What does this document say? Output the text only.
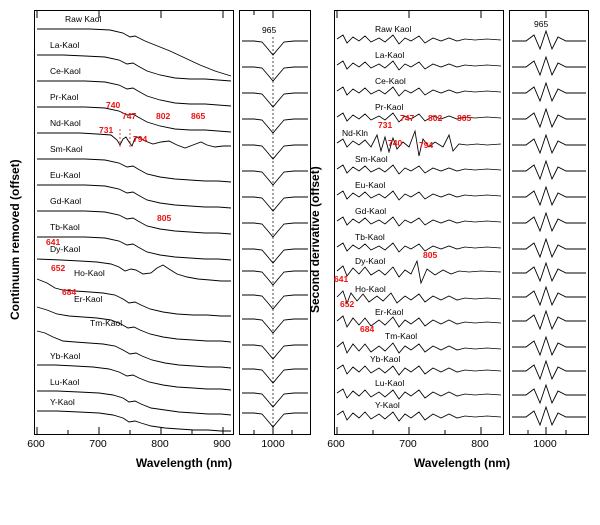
Continuum removed (offset)
Raw Kaol
La-Kaol
Ce-Kaol
Pr-Kaol
Nd-Kaol
Sm-Kaol
Eu-Kaol
Gd-Kaol
Tb-Kaol
Dy-Kaol
Ho-Kaol
Er-Kaol
Tm-Kaol
Yb-Kaol
Lu-Kaol
Y-Kaol
740
747
731
794
802 865
805
641
652
684
965
600	700	800	900	1000
Wavelength (nm)
Second derivative (offset)
Raw Kaol
La-Kaol
Ce-Kaol
Pr-Kaol
Nd-Kln
Sm-Kaol
Eu-Kaol
Gd-Kaol
Tb-Kaol
Dy-Kaol
Ho-Kaol
Er-Kaol
Tm-Kaol
Yb-Kaol
Lu-Kaol
Y-Kaol
731
747
740 794
802 865
805
641
652
684
965
600	700	800	1000
Wavelength (nm)
